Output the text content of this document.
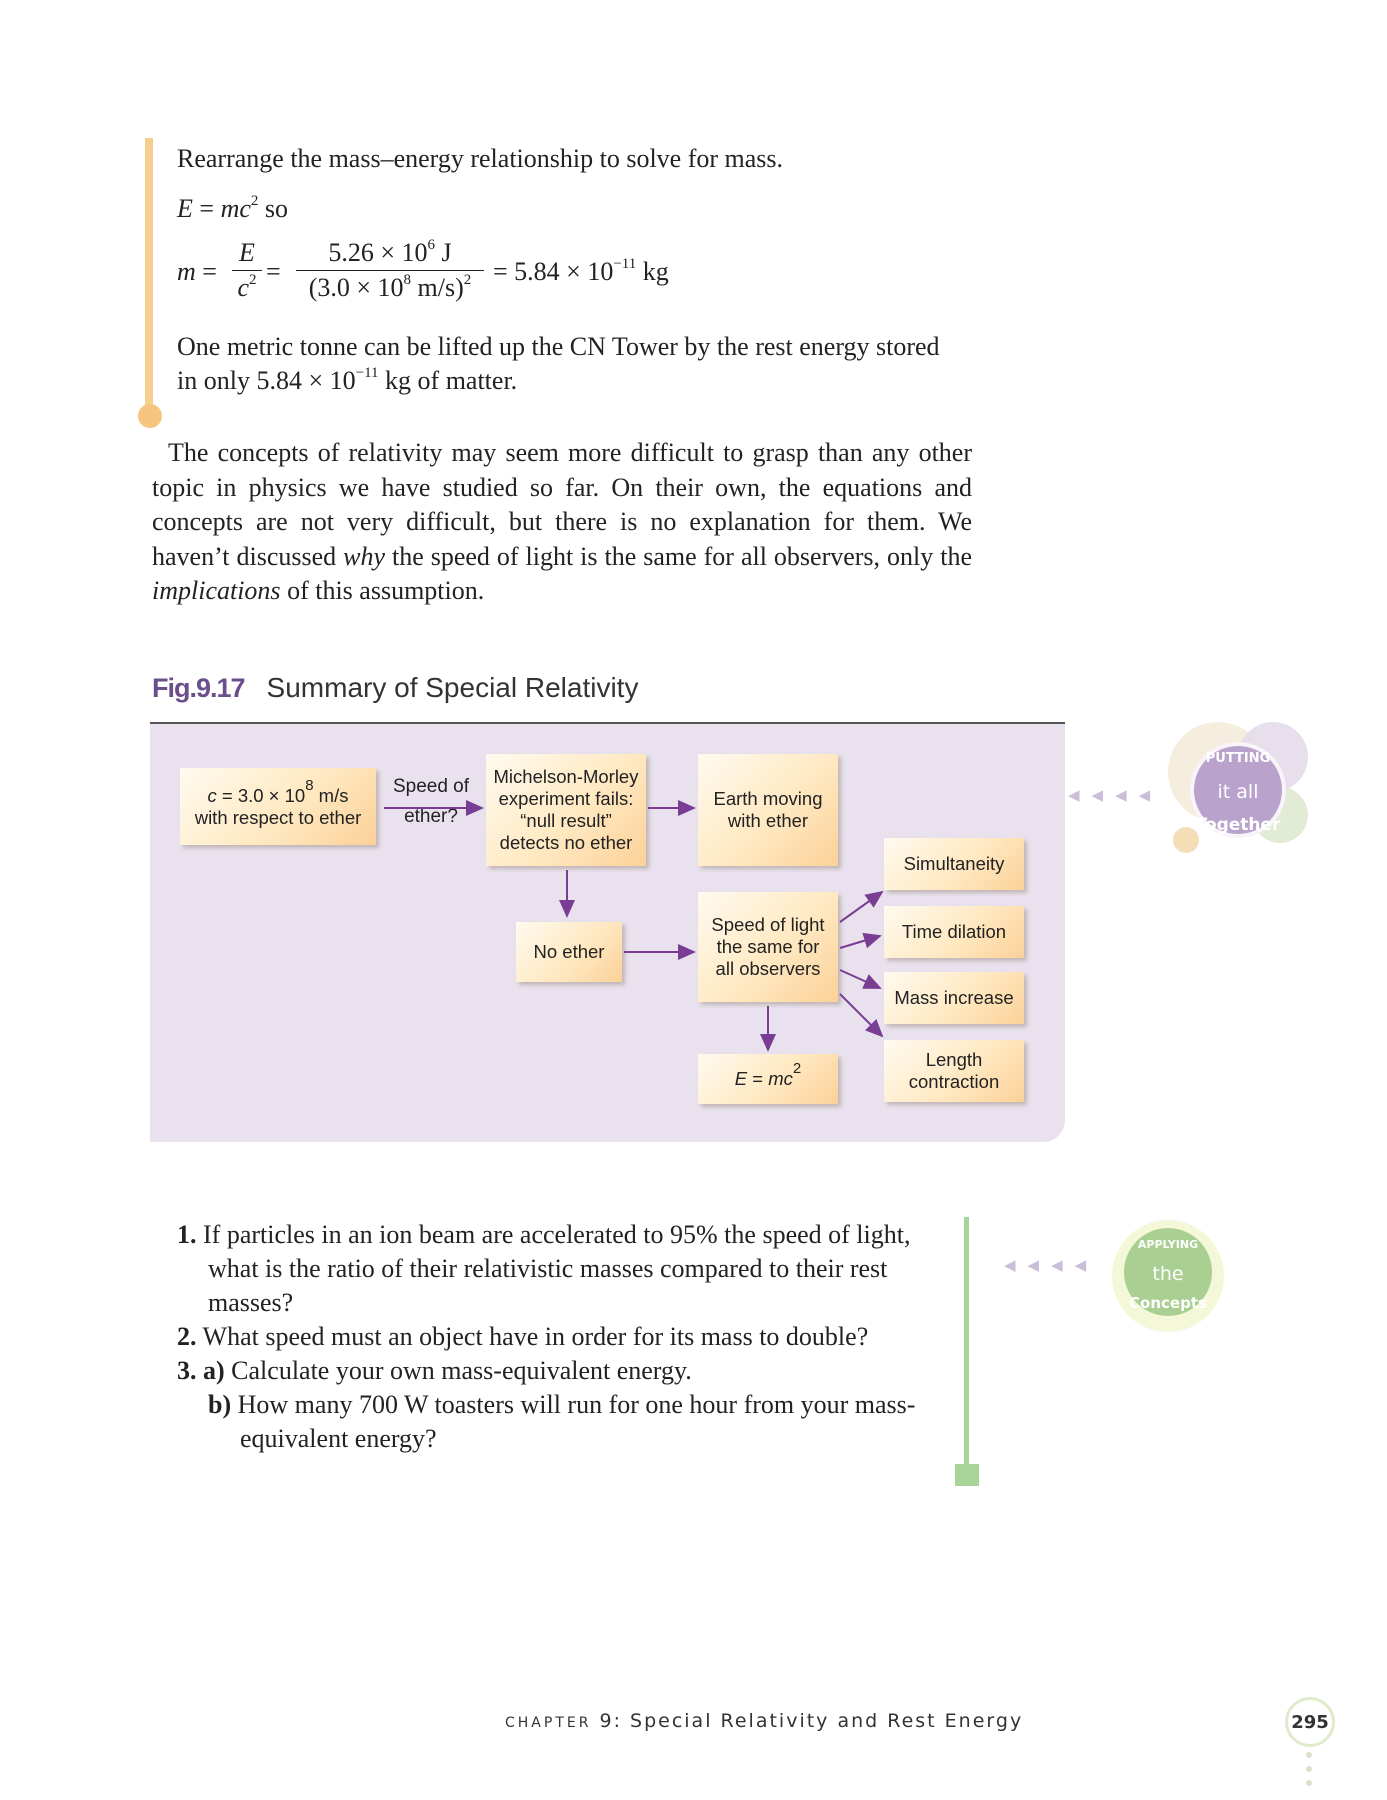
Rearrange the mass–energy relationship to solve for mass.
$E = mc^2$ so
m =
E
$c^2$ =
$5.26 \times 10^6$ J
($3.0 \times 10^8$ $m/s)^2 = 5.84 \times 10^{-11}$ kg
One metric tonne can be lifted up the CN Tower by the rest energy stored
in only $5.84 \times 10^{-11}$ kg of matter.
The concepts of relativity may seem more difficult to grasp than any other topic in physics we have studied so far. On their own, the equations and concepts are not very difficult, but there is no explanation for them. We haven’t discussed why the speed of light is the same for all observers, only the implications of this assumption.
Fig.9.17 Summary of Special Relativity
$c = 3.0 \times 10^8$ m/s
with respect to ether
Speed of
ether?
Michelson-Morley
experiment fails:
“null result”
detects no ether
Earth moving
with ether
No ether
Speed of light
the same for
all observers
$E = mc^2$
Simultaneity
Time dilation
Mass increase
Length
contraction
◀◀◀◀	it all
PUTTING
Together
1. If particles in an ion beam are accelerated to 95% the speed of light,
what is the ratio of their relativistic masses compared to their rest
masses?
2. What speed must an object have in order for its mass to double?
3. a) Calculate your own mass-equivalent energy.
b) How many 700 W toasters will run for one hour from your mass-
equivalent energy?
◀◀◀◀	the
APPLYING
Concepts
CHAPTER 9: Special Relativity and Rest Energy	295
